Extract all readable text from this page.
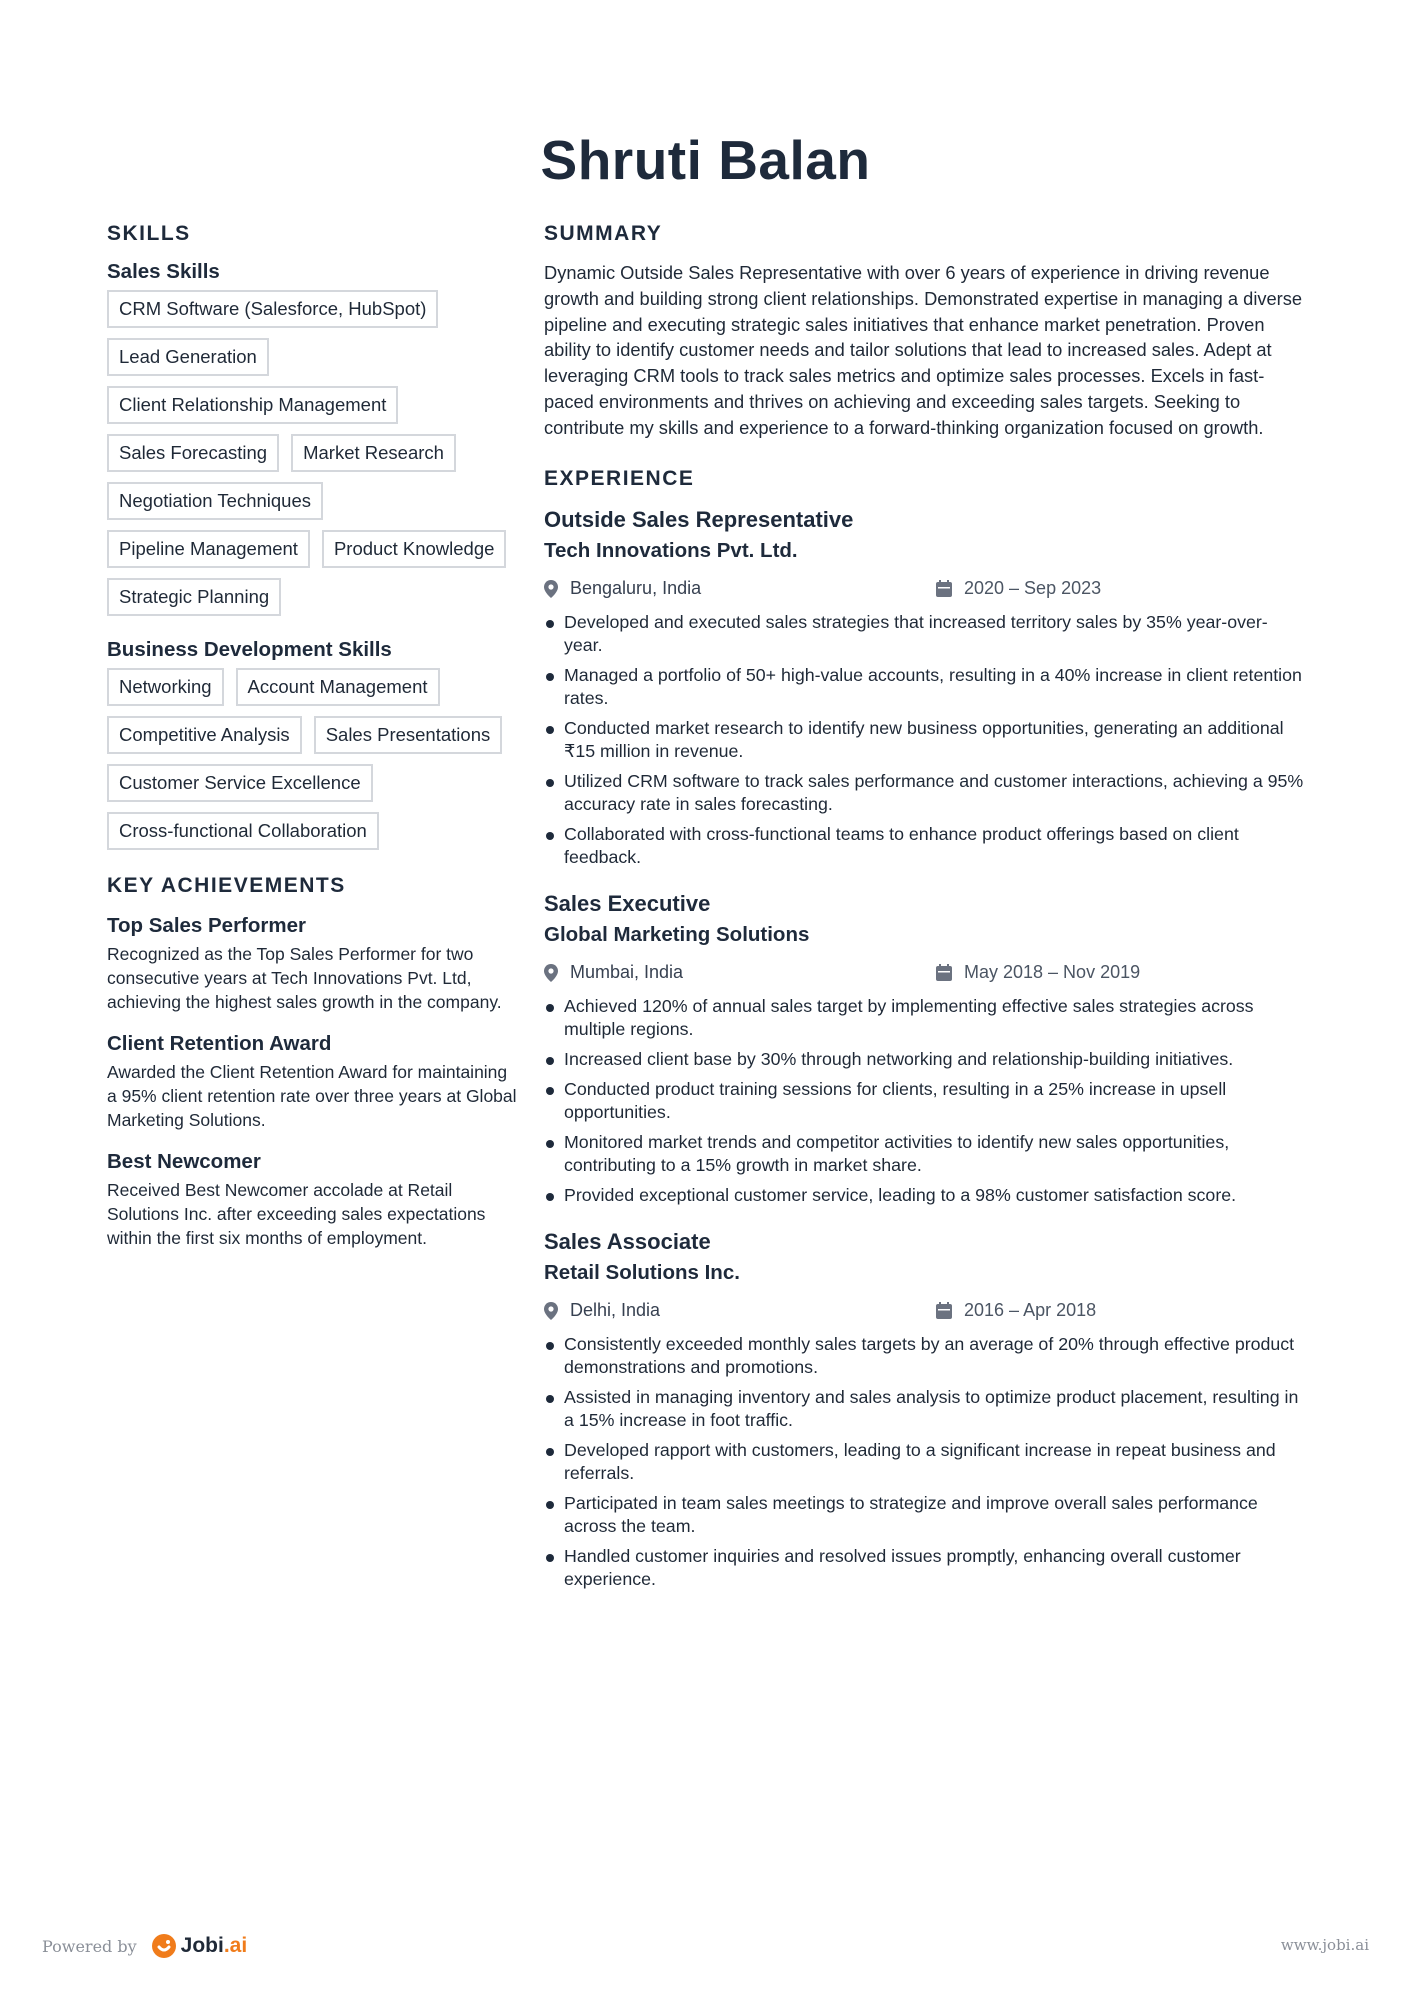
Shruti Balan
SKILLS
Sales Skills
CRM Software (Salesforce, HubSpot)
Lead Generation
Client Relationship Management
Sales Forecasting	Market Research
Negotiation Techniques
Pipeline Management	Product Knowledge
Strategic Planning
Business Development Skills
Networking	Account Management
Competitive Analysis	Sales Presentations
Customer Service Excellence
Cross-functional Collaboration
KEY ACHIEVEMENTS
Top Sales Performer
Recognized as the Top Sales Performer for two consecutive years at Tech Innovations Pvt. Ltd, achieving the highest sales growth in the company.
Client Retention Award
Awarded the Client Retention Award for maintaining a 95% client retention rate over three years at Global Marketing Solutions.
Best Newcomer
Received Best Newcomer accolade at Retail Solutions Inc. after exceeding sales expectations within the first six months of employment.
SUMMARY

Dynamic Outside Sales Representative with over 6 years of experience in driving revenue growth and building strong client relationships. Demonstrated expertise in managing a diverse pipeline and executing strategic sales initiatives that enhance market penetration. Proven ability to identify customer needs and tailor solutions that lead to increased sales. Adept at leveraging CRM tools to track sales metrics and optimize sales processes. Excels in fast-paced environments and thrives on achieving and exceeding sales targets. Seeking to contribute my skills and experience to a forward-thinking organization focused on growth.

EXPERIENCE
Outside Sales Representative
Tech Innovations Pvt. Ltd.
Bengaluru, India	2020 – Sep 2023
Developed and executed sales strategies that increased territory sales by 35% year-over-year.
Managed a portfolio of 50+ high-value accounts, resulting in a 40% increase in client retention rates.
Conducted market research to identify new business opportunities, generating an additional ₹15 million in revenue.
Utilized CRM software to track sales performance and customer interactions, achieving a 95% accuracy rate in sales forecasting.
Collaborated with cross-functional teams to enhance product offerings based on client feedback.
Sales Executive
Global Marketing Solutions
Mumbai, India	May 2018 – Nov 2019
Achieved 120% of annual sales target by implementing effective sales strategies across multiple regions.
Increased client base by 30% through networking and relationship-building initiatives.
Conducted product training sessions for clients, resulting in a 25% increase in upsell opportunities.
Monitored market trends and competitor activities to identify new sales opportunities, contributing to a 15% growth in market share.
Provided exceptional customer service, leading to a 98% customer satisfaction score.
Sales Associate
Retail Solutions Inc.
Delhi, India	2016 – Apr 2018
Consistently exceeded monthly sales targets by an average of 20% through effective product demonstrations and promotions.
Assisted in managing inventory and sales analysis to optimize product placement, resulting in a 15% increase in foot traffic.
Developed rapport with customers, leading to a significant increase in repeat business and referrals.
Participated in team sales meetings to strategize and improve overall sales performance across the team.
Handled customer inquiries and resolved issues promptly, enhancing overall customer experience.
Powered by Jobi .ai	www.jobi.ai
